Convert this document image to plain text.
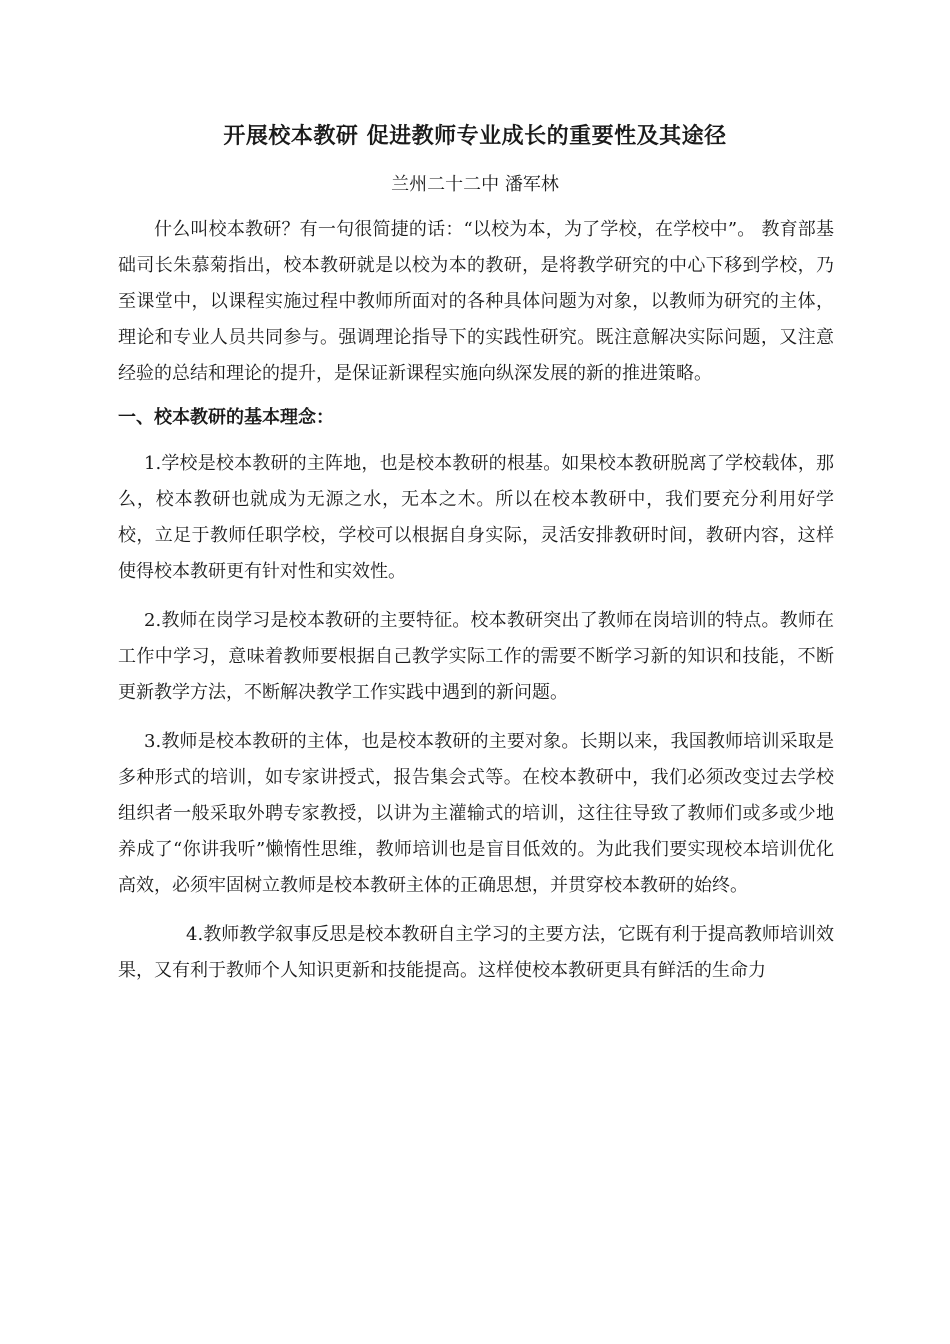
开展校本教研 促进教师专业成长的重要性及其途径
兰州二十二中 潘军林

什么叫校本教研？有一句很简捷的话：“以校为本，为了学校，在学校中”。 教育部基础司长朱慕菊指出，校本教研就是以校为本的教研，是将教学研究的中心下移到学校，乃至课堂中，以课程实施过程中教师所面对的各种具体问题为对象，以教师为研究的主体，理论和专业人员共同参与。强调理论指导下的实践性研究。既注意解决实际问题，又注意经验的总结和理论的提升，是保证新课程实施向纵深发展的新的推进策略。

一、校本教研的基本理念：

1.学校是校本教研的主阵地，也是校本教研的根基。如果校本教研脱离了学校载体，那么，校本教研也就成为无源之水，无本之木。所以在校本教研中，我们要充分利用好学校，立足于教师任职学校，学校可以根据自身实际，灵活安排教研时间，教研内容，这样使得校本教研更有针对性和实效性。

2.教师在岗学习是校本教研的主要特征。校本教研突出了教师在岗培训的特点。教师在工作中学习，意味着教师要根据自己教学实际工作的需要不断学习新的知识和技能，不断更新教学方法，不断解决教学工作实践中遇到的新问题。

3.教师是校本教研的主体，也是校本教研的主要对象。长期以来，我国教师培训采取是多种形式的培训，如专家讲授式，报告集会式等。在校本教研中，我们必须改变过去学校组织者一般采取外聘专家教授，以讲为主灌输式的培训，这往往导致了教师们或多或少地养成了“你讲我听”懒惰性思维，教师培训也是盲目低效的。为此我们要实现校本培训优化高效，必须牢固树立教师是校本教研主体的正确思想，并贯穿校本教研的始终。

4.教师教学叙事反思是校本教研自主学习的主要方法，它既有利于提高教师培训效果，又有利于教师个人知识更新和技能提高。这样使校本教研更具有鲜活的生命力
